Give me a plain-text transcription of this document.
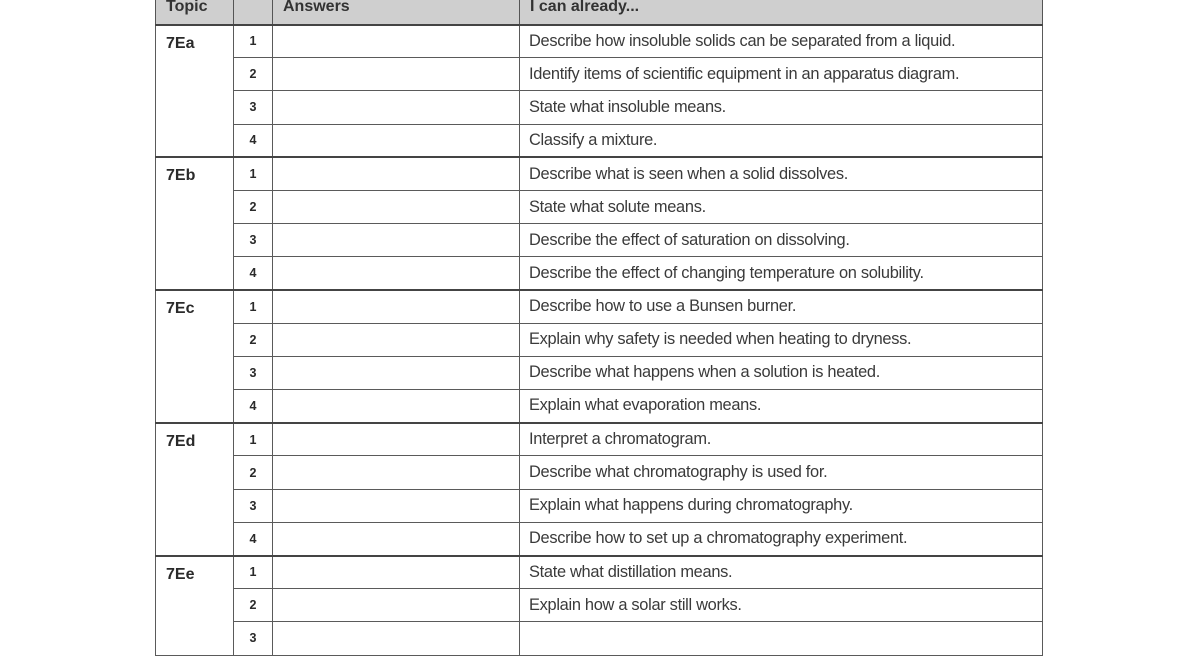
Topic		Answers	I can already...
7Ea	1		Describe how insoluble solids can be separated from a liquid.
	2		Identify items of scientific equipment in an apparatus diagram.
	3		State what insoluble means.
	4		Classify a mixture.
7Eb	1		Describe what is seen when a solid dissolves.
	2		State what solute means.
	3		Describe the effect of saturation on dissolving.
	4		Describe the effect of changing temperature on solubility.
7Ec	1		Describe how to use a Bunsen burner.
	2		Explain why safety is needed when heating to dryness.
	3		Describe what happens when a solution is heated.
	4		Explain what evaporation means.
7Ed	1		Interpret a chromatogram.
	2		Describe what chromatography is used for.
	3		Explain what happens during chromatography.
	4		Describe how to set up a chromatography experiment.
7Ee	1		State what distillation means.
	2		Explain how a solar still works.
	3		
